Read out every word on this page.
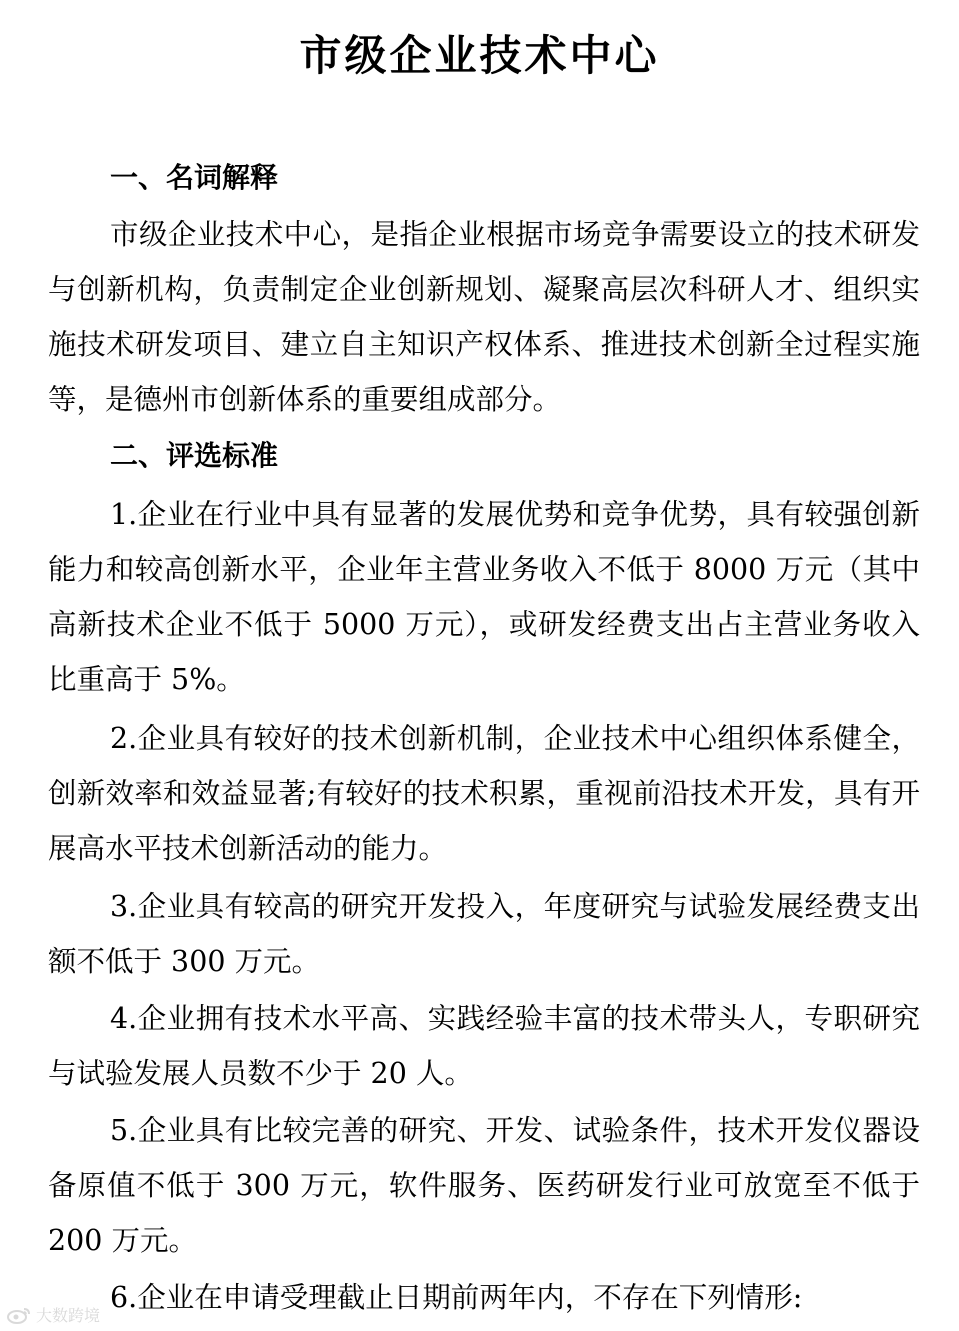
市级企业技术中心
一、名词解释
市级企业技术中心，是指企业根据市场竞争需要设立的技术研发与创新机构，负责制定企业创新规划、凝聚高层次科研人才、组织实施技术研发项目、建立自主知识产权体系、推进技术创新全过程实施等，是德州市创新体系的重要组成部分。
二、评选标准
1.企业在行业中具有显著的发展优势和竞争优势，具有较强创新能力和较高创新水平，企业年主营业务收入不低于 8000 万元（其中高新技术企业不低于 5000 万元），或研发经费支出占主营业务收入比重高于 5%。
2.企业具有较好的技术创新机制，企业技术中心组织体系健全，创新效率和效益显著;有较好的技术积累，重视前沿技术开发，具有开展高水平技术创新活动的能力。
3.企业具有较高的研究开发投入，年度研究与试验发展经费支出额不低于 300 万元。
4.企业拥有技术水平高、实践经验丰富的技术带头人，专职研究与试验发展人员数不少于 20 人。
5.企业具有比较完善的研究、开发、试验条件，技术开发仪器设备原值不低于 300 万元，软件服务、医药研发行业可放宽至不低于 200 万元。
6.企业在申请受理截止日期前两年内，不存在下列情形:
大数跨境
